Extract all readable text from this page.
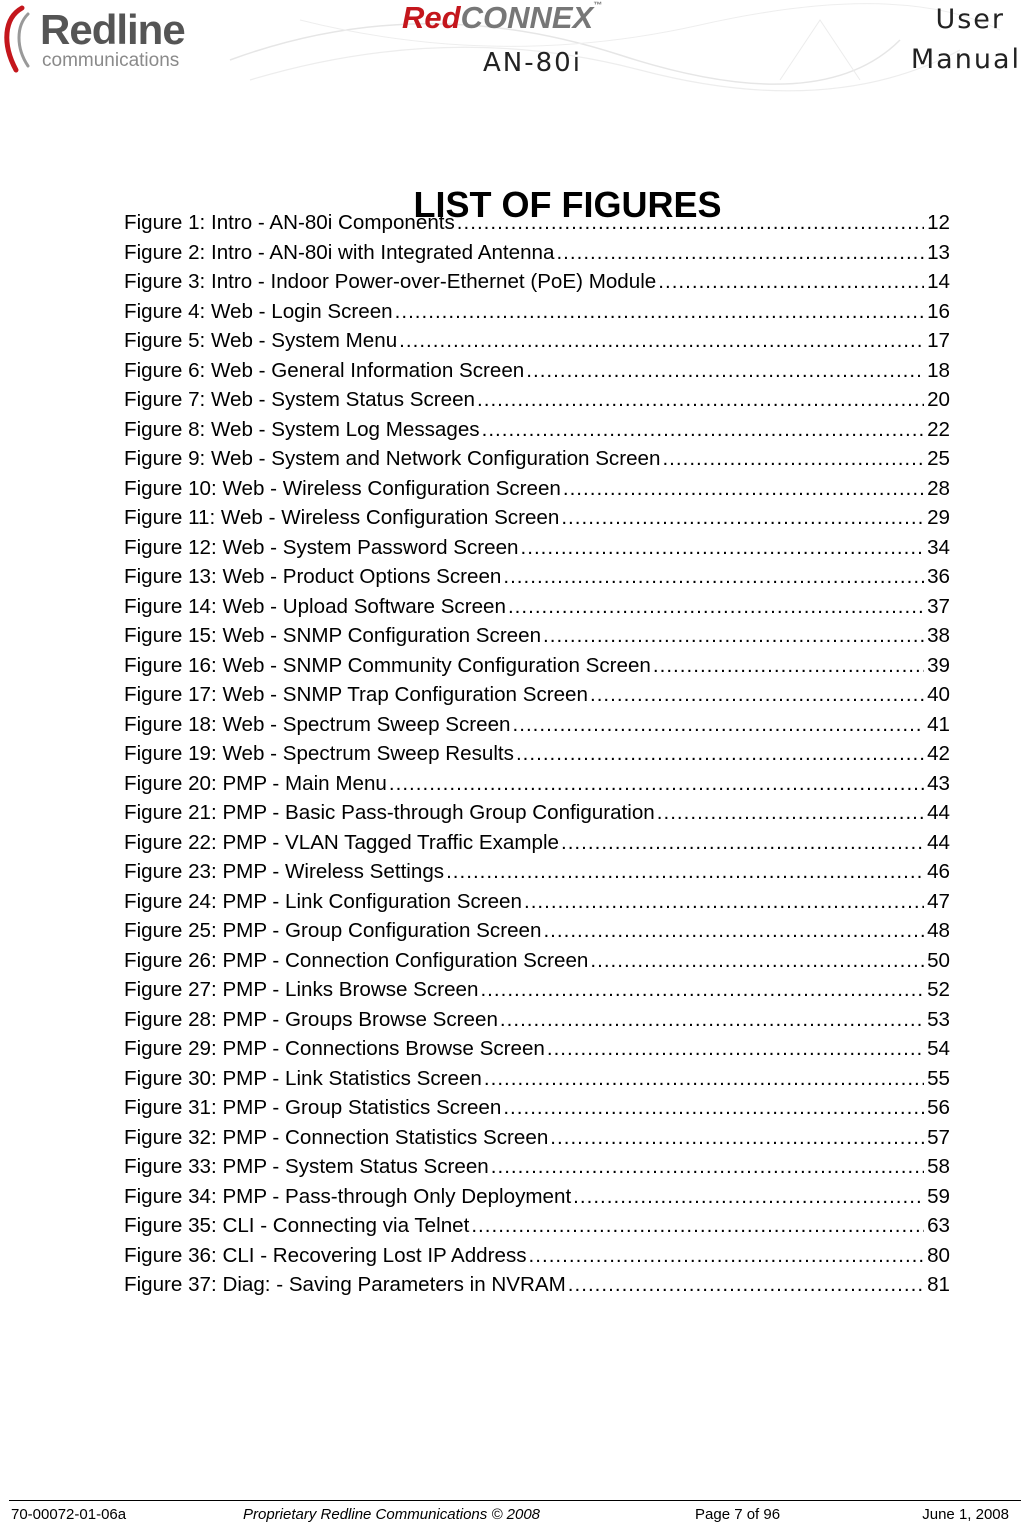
Redline
communications
RedCONNEX™
AN-80i
User
Manual
LIST OF FIGURES
Figure 1: Intro - AN-80i Components .....	12
Figure 2: Intro - AN-80i with Integrated Antenna .....	13
Figure 3: Intro - Indoor Power-over-Ethernet (PoE) Module .....	14
Figure 4: Web - Login Screen .....	16
Figure 5: Web - System Menu .....	17
Figure 6: Web - General Information Screen .....	18
Figure 7: Web - System Status Screen .....	20
Figure 8: Web - System Log Messages .....	22
Figure 9: Web - System and Network Configuration Screen .....	25
Figure 10: Web - Wireless Configuration Screen .....	28
Figure 11: Web - Wireless Configuration Screen .....	29
Figure 12: Web - System Password Screen .....	34
Figure 13: Web - Product Options Screen .....	36
Figure 14: Web - Upload Software Screen .....	37
Figure 15: Web - SNMP Configuration Screen .....	38
Figure 16: Web - SNMP Community Configuration Screen .....	39
Figure 17: Web - SNMP Trap Configuration Screen .....	40
Figure 18: Web - Spectrum Sweep Screen .....	41
Figure 19: Web - Spectrum Sweep Results .....	42
Figure 20: PMP - Main Menu .....	43
Figure 21: PMP - Basic Pass-through Group Configuration .....	44
Figure 22: PMP - VLAN Tagged Traffic Example .....	44
Figure 23: PMP - Wireless Settings .....	46
Figure 24: PMP - Link Configuration Screen .....	47
Figure 25: PMP - Group Configuration Screen .....	48
Figure 26: PMP - Connection Configuration Screen .....	50
Figure 27: PMP - Links Browse Screen .....	52
Figure 28: PMP - Groups Browse Screen .....	53
Figure 29: PMP - Connections Browse Screen .....	54
Figure 30: PMP - Link Statistics Screen .....	55
Figure 31: PMP - Group Statistics Screen .....	56
Figure 32: PMP - Connection Statistics Screen .....	57
Figure 33: PMP - System Status Screen .....	58
Figure 34: PMP - Pass-through Only Deployment .....	59
Figure 35: CLI - Connecting via Telnet .....	63
Figure 36: CLI - Recovering Lost IP Address .....	80
Figure 37: Diag: - Saving Parameters in NVRAM .....	81
70-00072-01-06a	Proprietary Redline Communications © 2008	Page 7 of 96	June 1, 2008
